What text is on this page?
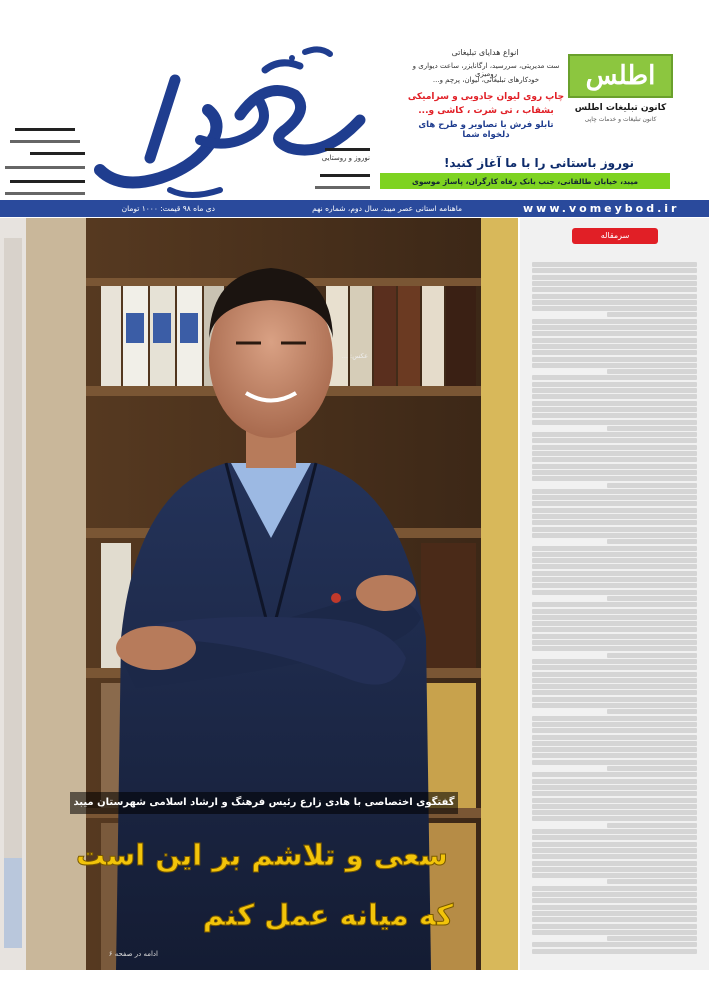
نوروز و روستایی
اطلس
کانون تبلیغات اطلس
کانون تبلیغات و خدمات چاپی
انواع هدایای تبلیغاتی
ست مدیریتی، سررسید، ارگانایزر، ساعت دیواری و رومیزی
خودکارهای تبلیغاتی، لیوان، پرچم و...
چاپ روی لیوان جادویی و سرامیکی
بشقاب ، تی شرت ، کاشی و...
تابلو فرش با تصاویر و طرح های دلخواه شما
نوروز باستانی را با ما آغاز کنید!
میبد، خیابان طالقانی، جنب بانک رفاه کارگران، پاساژ موسوی
www.vomeybod.ir
ماهنامه استانی عصر میبد، سال دوم، شماره نهم
دی ماه ۹۸ قیمت: ۱۰۰۰ تومان
عکس: ...
سرمقاله
گفتگوی اختصاصی با هادی زارع رئیس فرهنگ و ارشاد اسلامی شهرستان میبد
سعی و تلاشم بر این است
که میانه عمل کنم
ادامه در صفحه ۶
